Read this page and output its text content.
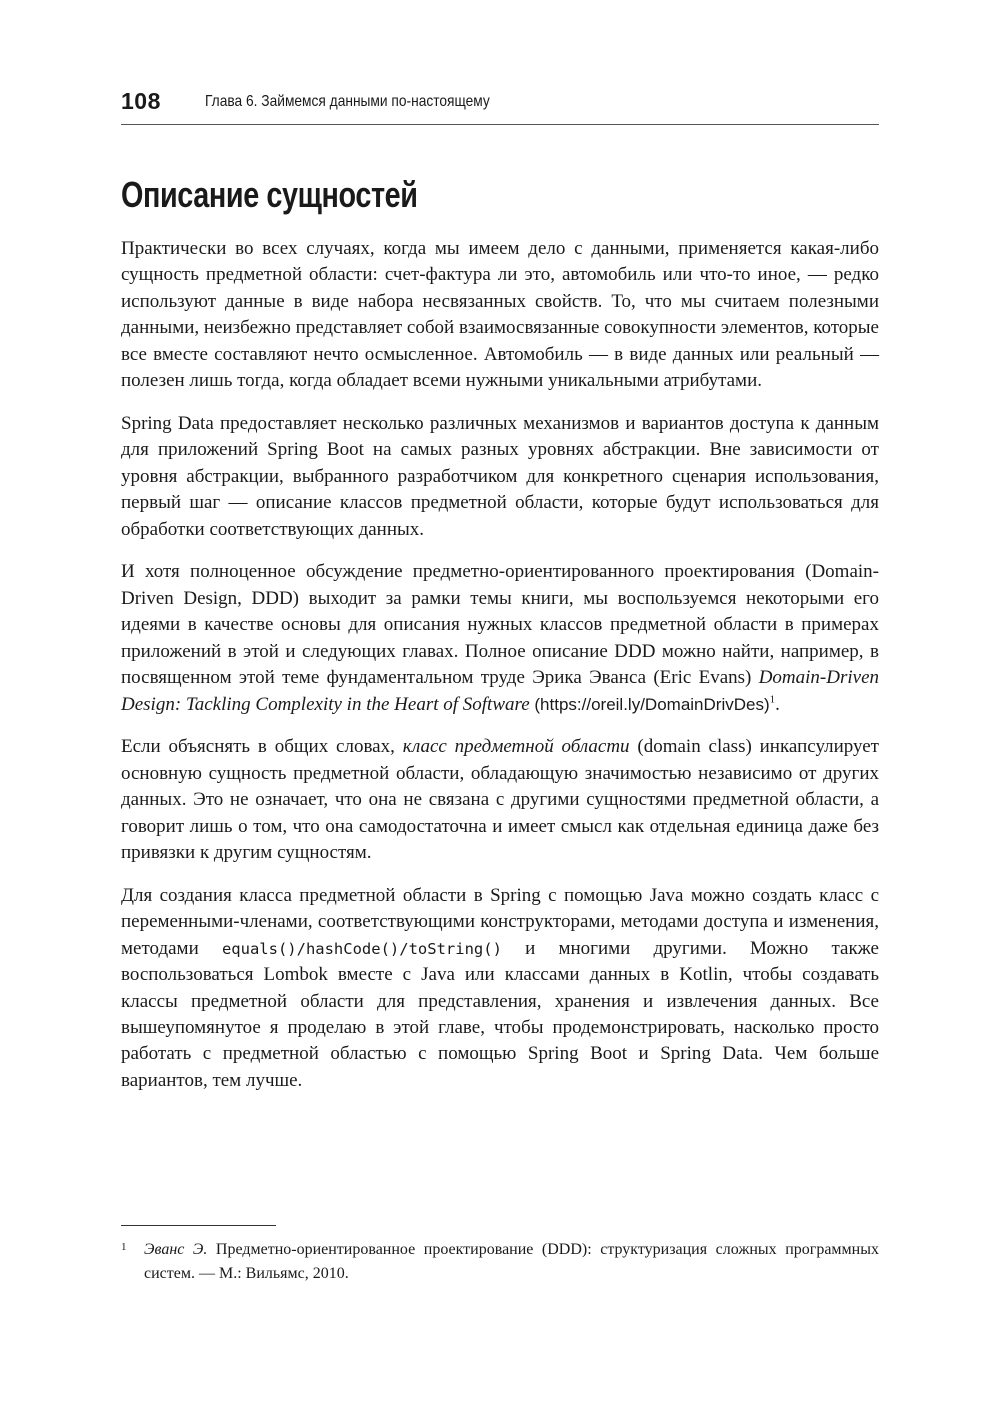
108	Глава 6. Займемся данными по-настоящему
Описание сущностей

Практически во всех случаях, когда мы имеем дело с данными, применяется какая-либо сущность предметной области: счет-фактура ли это, автомобиль или что-то иное, — редко используют данные в виде набора несвязанных свойств. То, что мы считаем полезными данными, неизбежно представляет собой взаимосвязанные совокупности элементов, которые все вместе составляют нечто осмысленное. Автомобиль — в виде данных или реальный — полезен лишь тогда, когда обладает всеми нужными уникальными атрибутами.

Spring Data предоставляет несколько различных механизмов и вариантов доступа к данным для приложений Spring Boot на самых разных уровнях абстракции. Вне зависимости от уровня абстракции, выбранного разработчиком для конкретного сценария использования, первый шаг — описание классов предметной области, которые будут использоваться для обработки соответствующих данных.

И хотя полноценное обсуждение предметно-ориентированного проектирования (Domain-Driven Design, DDD) выходит за рамки темы книги, мы воспользуемся некоторыми его идеями в качестве основы для описания нужных классов предметной области в примерах приложений в этой и следующих главах. Полное описание DDD можно найти, например, в посвященном этой теме фундаментальном труде Эрика Эванса (Eric Evans) Domain-Driven Design: Tackling Complexity in the Heart of Software (https://oreil.ly/DomainDrivDes)$^1$.

Если объяснять в общих словах, класс предметной области (domain class) инкапсулирует основную сущность предметной области, обладающую значимостью независимо от других данных. Это не означает, что она не связана с другими сущностями предметной области, а говорит лишь о том, что она самодостаточна и имеет смысл как отдельная единица даже без привязки к другим сущностям.

Для создания класса предметной области в Spring с помощью Java можно создать класс с переменными-членами, соответствующими конструкторами, методами доступа и изменения, методами equals()/hashCode()/toString() и многими другими. Можно также воспользоваться Lombok вместе с Java или классами данных в Kotlin, чтобы создавать классы предметной области для представления, хранения и извлечения данных. Все вышеупомянутое я проделаю в этой главе, чтобы продемонстрировать, насколько просто работать с предметной областью с помощью Spring Boot и Spring Data. Чем больше вариантов, тем лучше.

1 Эванс Э. Предметно-ориентированное проектирование (DDD): структуризация сложных программных систем. — М.: Вильямс, 2010.
